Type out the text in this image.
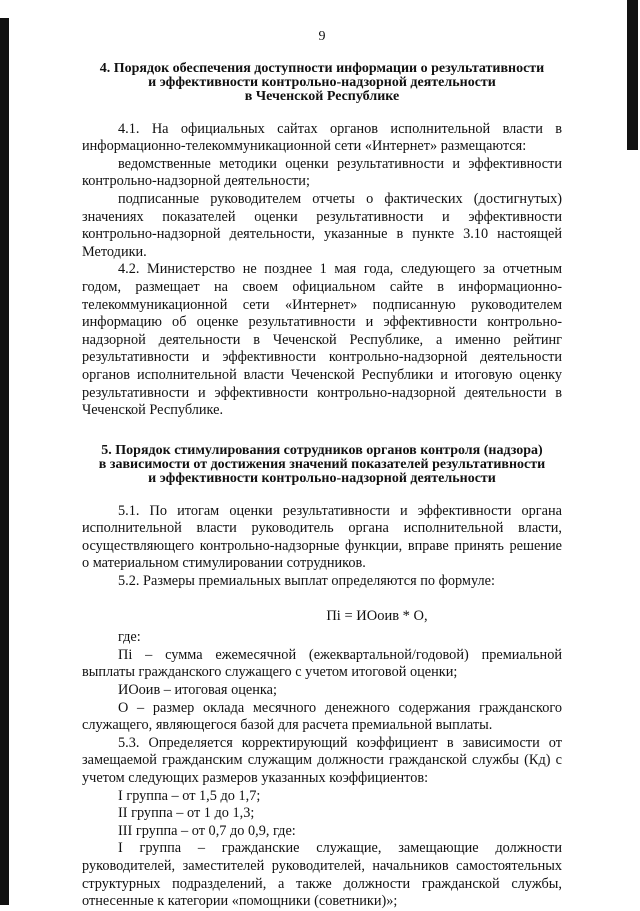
9
4. Порядок обеспечения доступности информации о результативности
и эффективности контрольно-надзорной деятельности
в Чеченской Республике

4.1. На официальных сайтах органов исполнительной власти в информационно-телекоммуникационной сети «Интернет» размещаются:

ведомственные методики оценки результативности и эффективности контрольно-надзорной деятельности;

подписанные руководителем отчеты о фактических (достигнутых) значениях показателей оценки результативности и эффективности контрольно-надзорной деятельности, указанные в пункте 3.10 настоящей Методики.

4.2. Министерство не позднее 1 мая года, следующего за отчетным годом, размещает на своем официальном сайте в информационно-телекоммуникационной сети «Интернет» подписанную руководителем информацию об оценке результативности и эффективности контрольно-надзорной деятельности в Чеченской Республике, а именно рейтинг результативности и эффективности контрольно-надзорной деятельности органов исполнительной власти Чеченской Республики и итоговую оценку результативности и эффективности контрольно-надзорной деятельности в Чеченской Республике.

5. Порядок стимулирования сотрудников органов контроля (надзора)
в зависимости от достижения значений показателей результативности
и эффективности контрольно-надзорной деятельности

5.1. По итогам оценки результативности и эффективности органа исполнительной власти руководитель органа исполнительной власти, осуществляющего контрольно-надзорные функции, вправе принять решение о материальном стимулировании сотрудников.

5.2. Размеры премиальных выплат определяются по формуле:

Пi = ИОоив * О,

где:

Пi – сумма ежемесячной (ежеквартальной/годовой) премиальной выплаты гражданского служащего с учетом итоговой оценки;

ИОоив – итоговая оценка;

О – размер оклада месячного денежного содержания гражданского служащего, являющегося базой для расчета премиальной выплаты.

5.3. Определяется корректирующий коэффициент в зависимости от замещаемой гражданским служащим должности гражданской службы (Кд) с учетом следующих размеров указанных коэффициентов:

I группа – от 1,5 до 1,7;

II группа – от 1 до 1,3;

III группа – от 0,7 до 0,9, где:

I группа – гражданские служащие, замещающие должности руководителей, заместителей руководителей, начальников самостоятельных структурных подразделений, а также должности гражданской службы, отнесенные к категории «помощники (советники)»;
